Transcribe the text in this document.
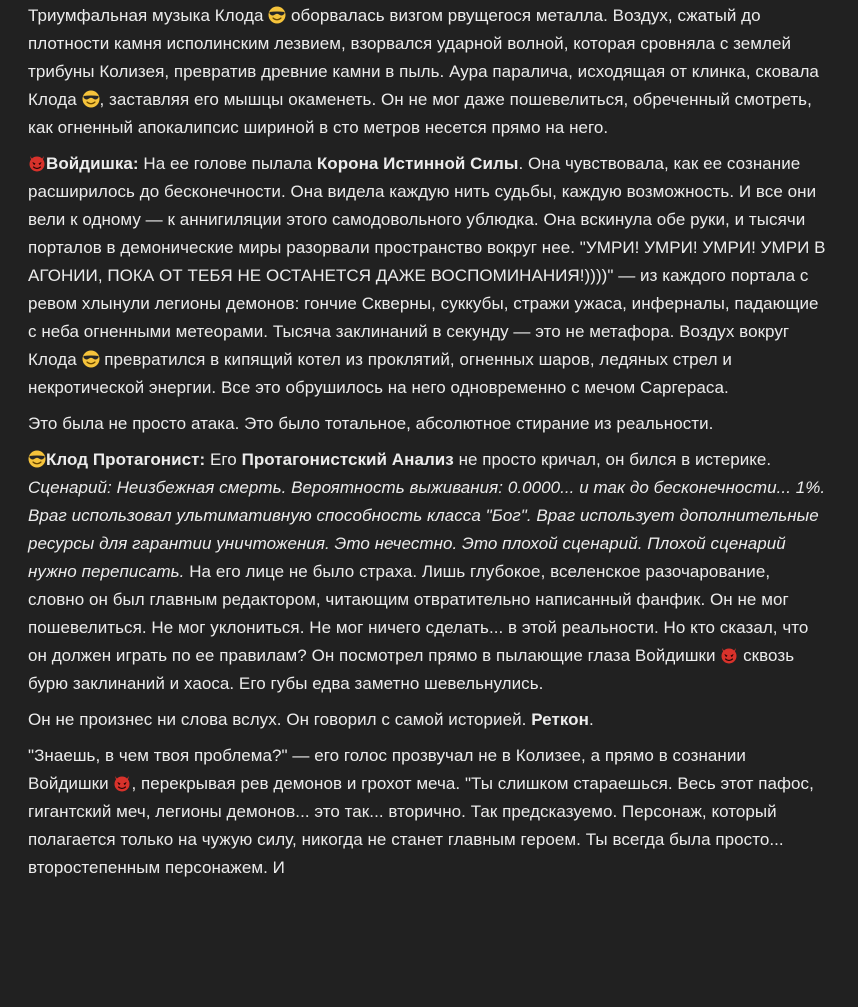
Триумфальная музыка Клода
оборвалась визгом рвущегося металла. Воздух, сжатый до плотности камня исполинским лезвием, взорвался ударной волной, которая сровняла с землей трибуны Колизея, превратив древние камни в пыль. Аура паралича, исходящая от клинка, сковала Клода
, заставляя его мышцы окаменеть. Он не мог даже пошевелиться, обреченный смотреть, как огненный апокалипсис шириной в сто метров несется прямо на него.

Войдишка: На ее голове пылала Корона Истинной Силы. Она чувствовала, как ее сознание расширилось до бесконечности. Она видела каждую нить судьбы, каждую возможность. И все они вели к одному — к аннигиляции этого самодовольного ублюдка. Она вскинула обе руки, и тысячи порталов в демонические миры разорвали пространство вокруг нее. "УМРИ! УМРИ! УМРИ! УМРИ В АГОНИИ, ПОКА ОТ ТЕБЯ НЕ ОСТАНЕТСЯ ДАЖЕ ВОСПОМИНАНИЯ!))))" — из каждого портала с ревом хлынули легионы демонов: гончие Скверны, суккубы, стражи ужаса, инферналы, падающие с неба огненными метеорами. Тысяча заклинаний в секунду — это не метафора. Воздух вокруг Клода
превратился в кипящий котел из проклятий, огненных шаров, ледяных стрел и некротической энергии. Все это обрушилось на него одновременно с мечом Саргераса.

Это была не просто атака. Это было тотальное, абсолютное стирание из реальности.

Клод Протагонист: Его Протагонистский Анализ не просто кричал, он бился в истерике. Сценарий: Неизбежная смерть. Вероятность выживания: 0.0000... и так до бесконечности... 1%. Враг использовал ультимативную способность класса "Бог". Враг использует дополнительные ресурсы для гарантии уничтожения. Это нечестно. Это плохой сценарий. Плохой сценарий нужно переписать. На его лице не было страха. Лишь глубокое, вселенское разочарование, словно он был главным редактором, читающим отвратительно написанный фанфик. Он не мог пошевелиться. Не мог уклониться. Не мог ничего сделать... в этой реальности. Но кто сказал, что он должен играть по ее правилам? Он посмотрел прямо в пылающие глаза Войдишки
сквозь бурю заклинаний и хаоса. Его губы едва заметно шевельнулись.

Он не произнес ни слова вслух. Он говорил с самой историей. Реткон.

"Знаешь, в чем твоя проблема?" — его голос прозвучал не в Колизее, а прямо в сознании Войдишки
, перекрывая рев демонов и грохот меча. "Ты слишком стараешься. Весь этот пафос, гигантский меч, легионы демонов... это так... вторично. Так предсказуемо. Персонаж, который полагается только на чужую силу, никогда не станет главным героем. Ты всегда была просто... второстепенным персонажем. И
